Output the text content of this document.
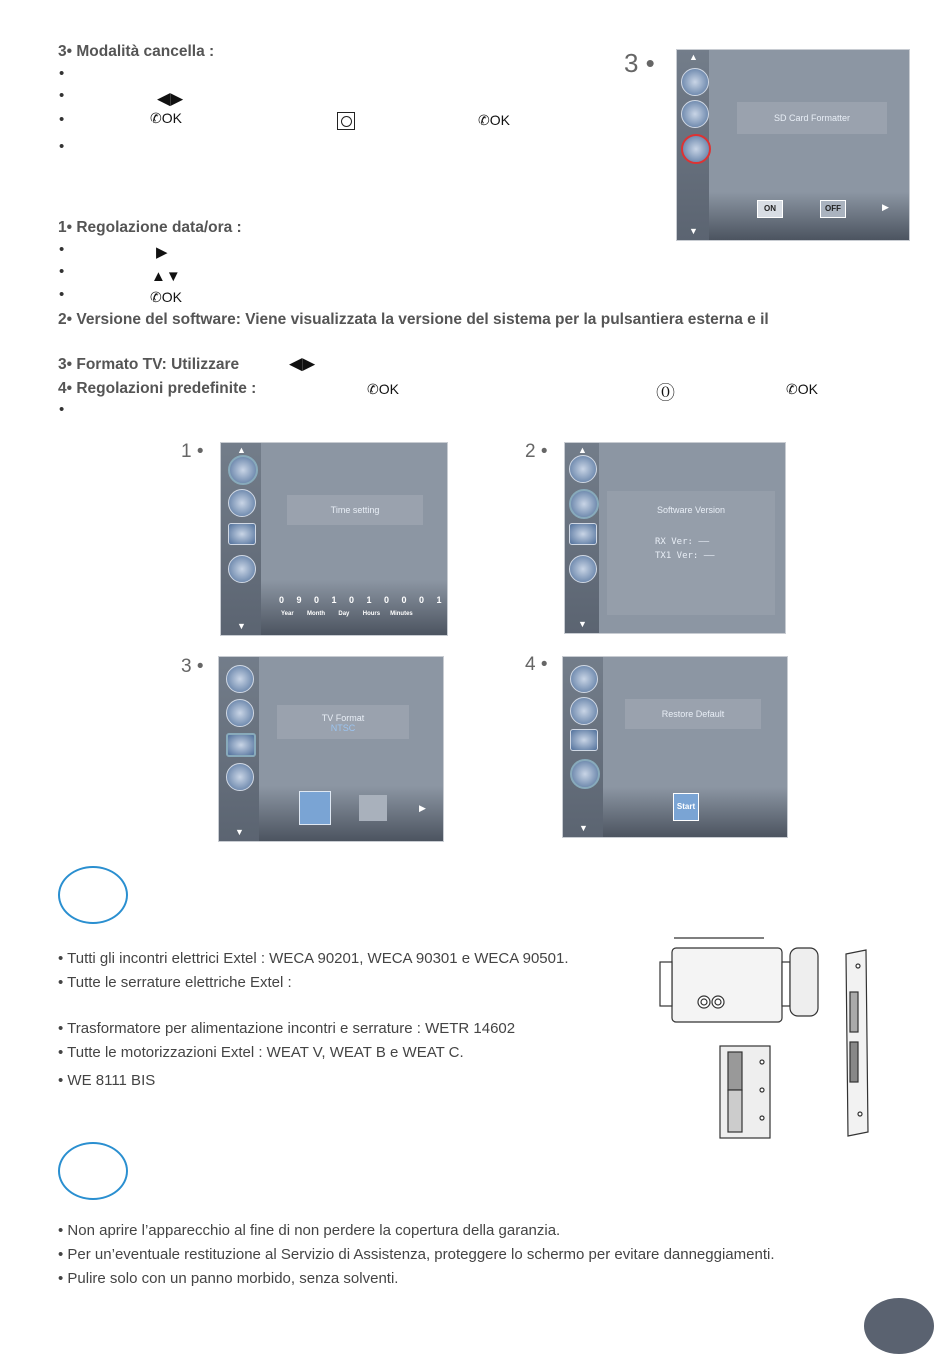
3• Modalità cancella :
•
•	◀▶
•	✆OK	✆OK
•
3 •
SD Card Formatter
ON	OFF	▶
▲
▼
1• Regolazione data/ora :
•	▶
•	▲▼
•	✆OK
2• Versione del software: Viene visualizzata la versione del sistema per la pulsantiera esterna e il
3• Formato TV: Utilizzare	◀▶
4• Regolazioni predefinite :	✆OK	⓪	✆OK
•
1 •
Time setting
0 9 0 1 0 1 0 0 0 1
Year Month Day Hours Minutes
▲
▼
2 •
Software Version
RX Ver: ——
TX1 Ver: ——
▲
▼
3 •
TV Format
NTSC
▶
▼
4 •
Restore Default
Start
▼
• Tutti gli incontri elettrici Extel : WECA 90201, WECA 90301 e WECA 90501.
• Tutte le serrature elettriche Extel :
• Trasformatore per alimentazione incontri e serrature : WETR 14602
• Tutte le motorizzazioni Extel : WEAT V, WEAT B e WEAT C.
• WE 8111 BIS
• Non aprire l’apparecchio al fine di non perdere la copertura della garanzia.
• Per un’eventuale restituzione al Servizio di Assistenza, proteggere lo schermo per evitare danneggiamenti.
• Pulire solo con un panno morbido, senza solventi.
